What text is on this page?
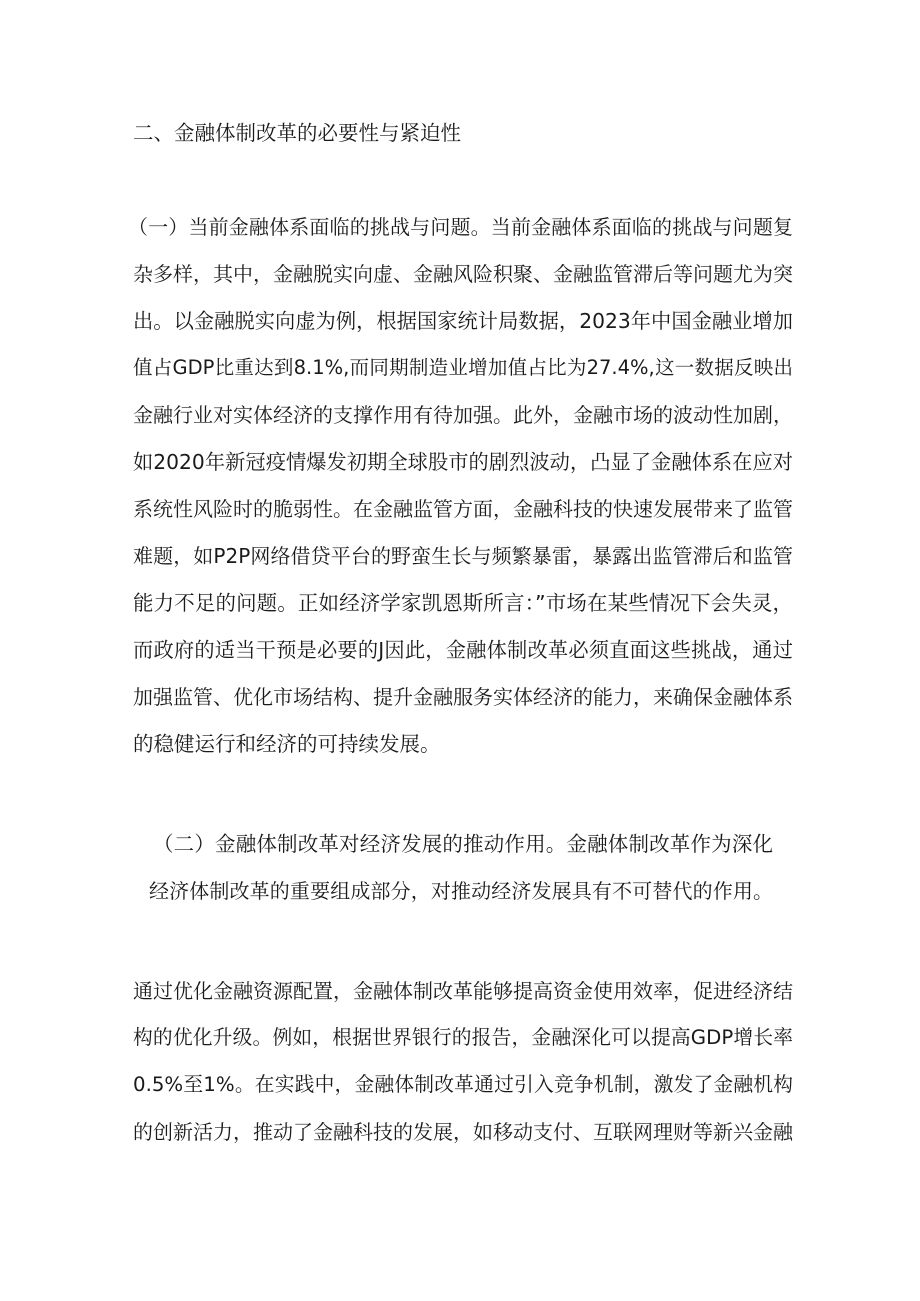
二、金融体制改革的必要性与紧迫性
（一）当前金融体系面临的挑战与问题。当前金融体系面临的挑战与问题复
杂多样，其中，金融脱实向虚、金融风险积聚、金融监管滞后等问题尤为突
出。以金融脱实向虚为例，根据国家统计局数据，2023年中国金融业增加
值占GDP比重达到8.1%,而同期制造业增加值占比为27.4%,这一数据反映出
金融行业对实体经济的支撑作用有待加强。此外，金融市场的波动性加剧，
如2020年新冠疫情爆发初期全球股市的剧烈波动，凸显了金融体系在应对
系统性风险时的脆弱性。在金融监管方面，金融科技的快速发展带来了监管
难题，如P2P网络借贷平台的野蛮生长与频繁暴雷，暴露出监管滞后和监管
能力不足的问题。正如经济学家凯恩斯所言：”市场在某些情况下会失灵，
而政府的适当干预是必要的J因此，金融体制改革必须直面这些挑战，通过
加强监管、优化市场结构、提升金融服务实体经济的能力，来确保金融体系
的稳健运行和经济的可持续发展。
（二）金融体制改革对经济发展的推动作用。金融体制改革作为深化
经济体制改革的重要组成部分，对推动经济发展具有不可替代的作用。
通过优化金融资源配置，金融体制改革能够提高资金使用效率，促进经济结
构的优化升级。例如，根据世界银行的报告，金融深化可以提高GDP增长率
0.5%至1%。在实践中，金融体制改革通过引入竞争机制，激发了金融机构
的创新活力，推动了金融科技的发展，如移动支付、互联网理财等新兴金融
